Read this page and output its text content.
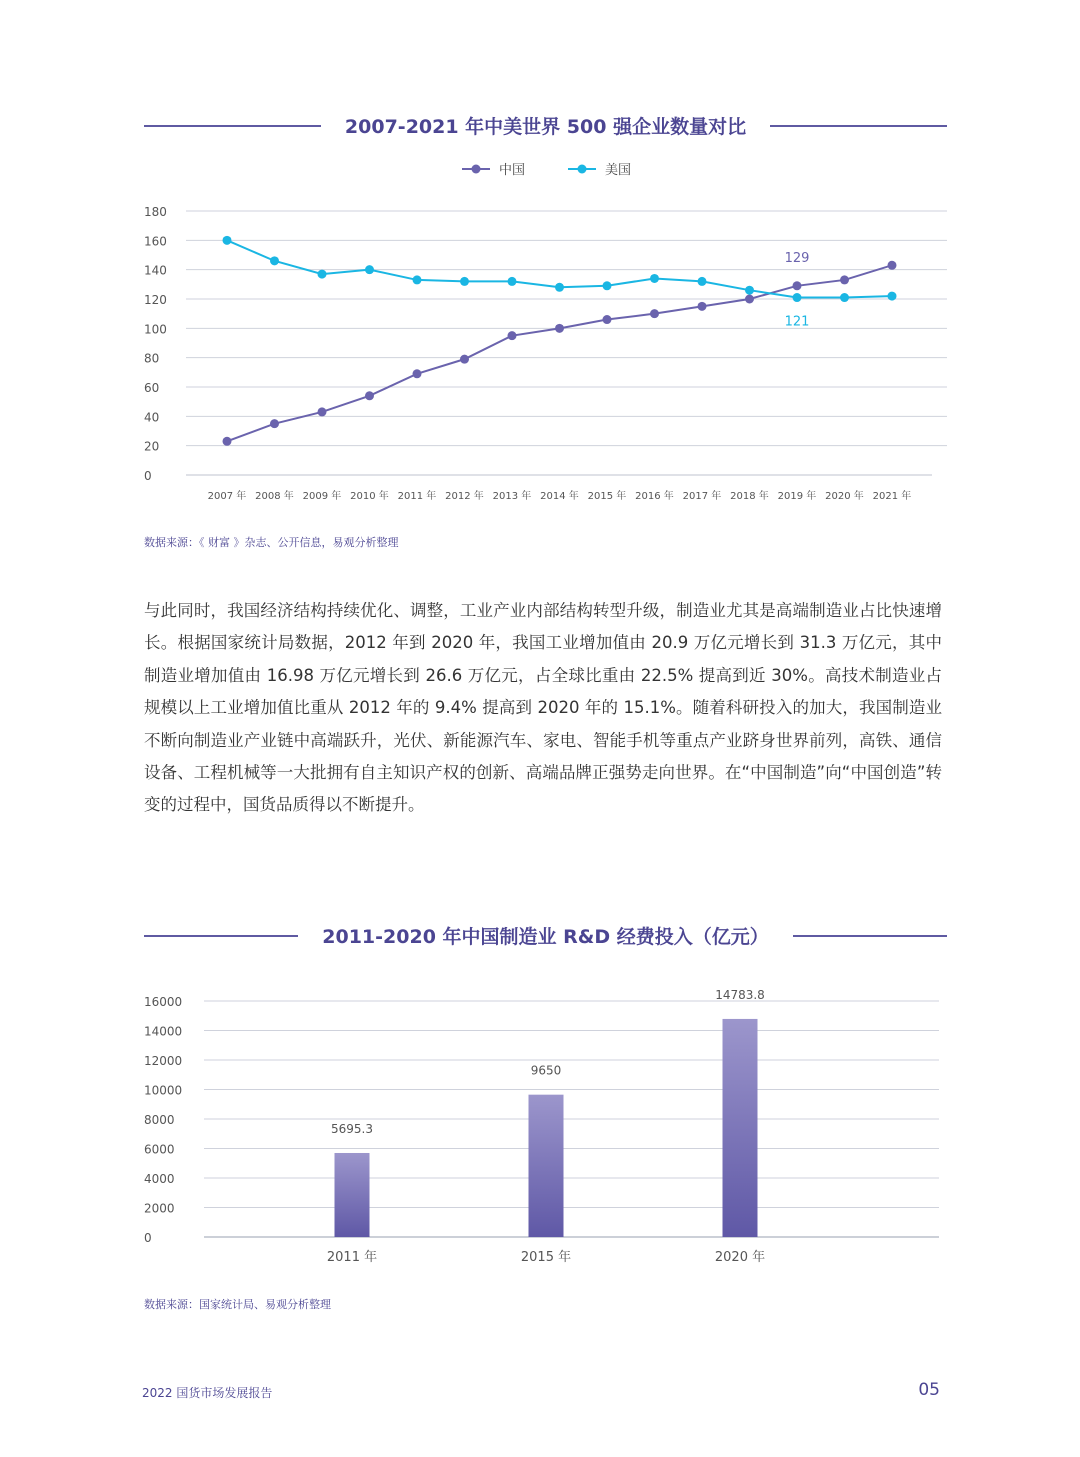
2007-2021 年中美世界 500 强企业数量对比
中国	美国
180
160
140
120
100
80
60
40
20
0
2007 年 2008 年 2009 年 2010 年 2011 年 2012 年 2013 年 2014 年 2015 年 2016 年 2017 年 2018 年 2019 年 2020 年 2021 年
129
121
数据来源：《 财富 》杂志、公开信息，易观分析整理

与此同时，我国经济结构持续优化、调整，工业产业内部结构转型升级，制造业尤其是高端制造业占比快速增长。根据国家统计局数据，2012 年到 2020 年，我国工业增加值由 20.9 万亿元增长到 31.3 万亿元，其中制造业增加值由 16.98 万亿元增长到 26.6 万亿元，占全球比重由 22.5% 提高到近 30%。高技术制造业占规模以上工业增加值比重从 2012 年的 9.4% 提高到 2020 年的 15.1%。随着科研投入的加大，我国制造业不断向制造业产业链中高端跃升，光伏、新能源汽车、家电、智能手机等重点产业跻身世界前列，高铁、通信设备、工程机械等一大批拥有自主知识产权的创新、高端品牌正强势走向世界。在“中国制造”向“中国创造”转变的过程中，国货品质得以不断提升。

2011-2020 年中国制造业 R&D 经费投入（亿元）
16000
14000
12000
10000
8000
6000
4000
2000
0
5695.3
2011 年
9650
2015 年
14783.8
2020 年
数据来源：国家统计局、易观分析整理
2022 国货市场发展报告	05
